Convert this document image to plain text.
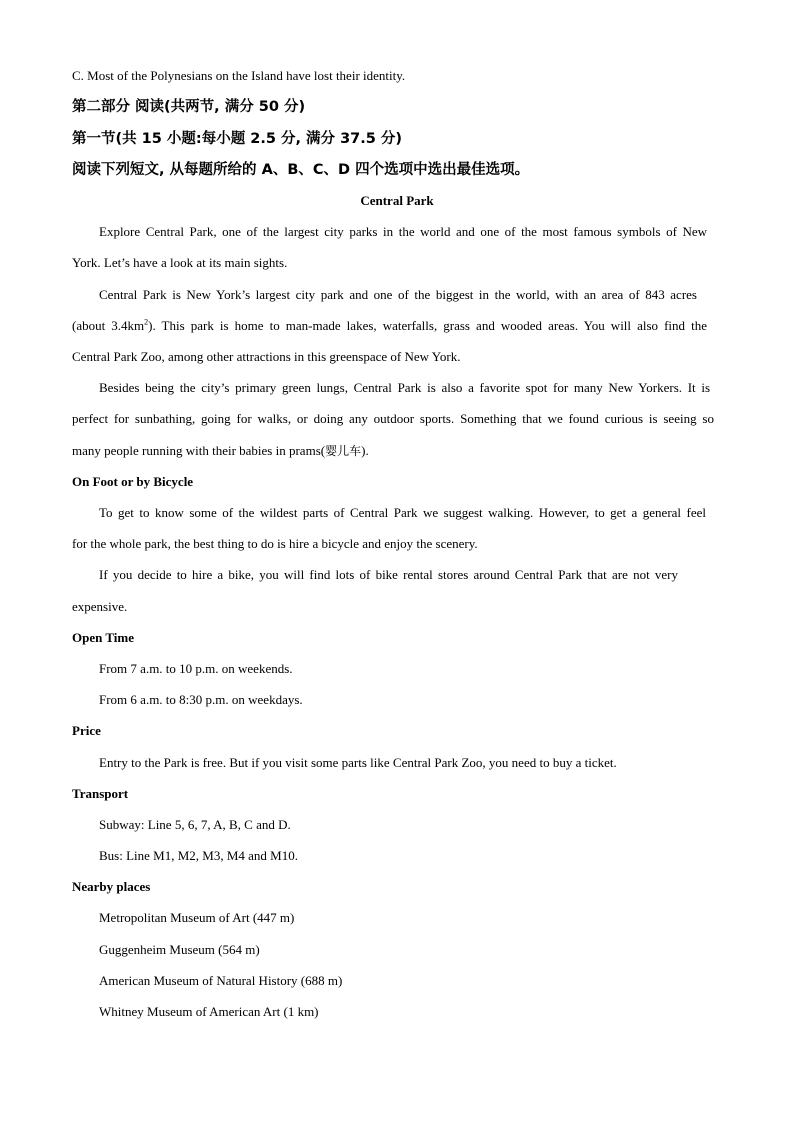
C. Most of the Polynesians on the Island have lost their identity.
第二部分 阅读(共两节, 满分 50 分)
第一节(共 15 小题:每小题 2.5 分, 满分 37.5 分)
阅读下列短文, 从每题所给的 A、B、C、D 四个选项中选出最佳选项。
Central Park
Explore Central Park, one of the largest city parks in the world and one of the most famous symbols of New
York. Let’s have a look at its main sights.
Central Park is New York’s largest city park and one of the biggest in the world, with an area of 843 acres
(about $3.4km^2$). This park is home to man-made lakes, waterfalls, grass and wooded areas. You will also find the
Central Park Zoo, among other attractions in this greenspace of New York.
Besides being the city’s primary green lungs, Central Park is also a favorite spot for many New Yorkers. It is
perfect for sunbathing, going for walks, or doing any outdoor sports. Something that we found curious is seeing so
many people running with their babies in prams(婴儿车).
On Foot or by Bicycle
To get to know some of the wildest parts of Central Park we suggest walking. However, to get a general feel
for the whole park, the best thing to do is hire a bicycle and enjoy the scenery.
If you decide to hire a bike, you will find lots of bike rental stores around Central Park that are not very
expensive.
Open Time
From 7 a.m. to 10 p.m. on weekends.
From 6 a.m. to 8:30 p.m. on weekdays.
Price
Entry to the Park is free. But if you visit some parts like Central Park Zoo, you need to buy a ticket.
Transport
Subway: Line 5, 6, 7, A, B, C and D.
Bus: Line M1, M2, M3, M4 and M10.
Nearby places
Metropolitan Museum of Art (447 m)
Guggenheim Museum (564 m)
American Museum of Natural History (688 m)
Whitney Museum of American Art (1 km)
